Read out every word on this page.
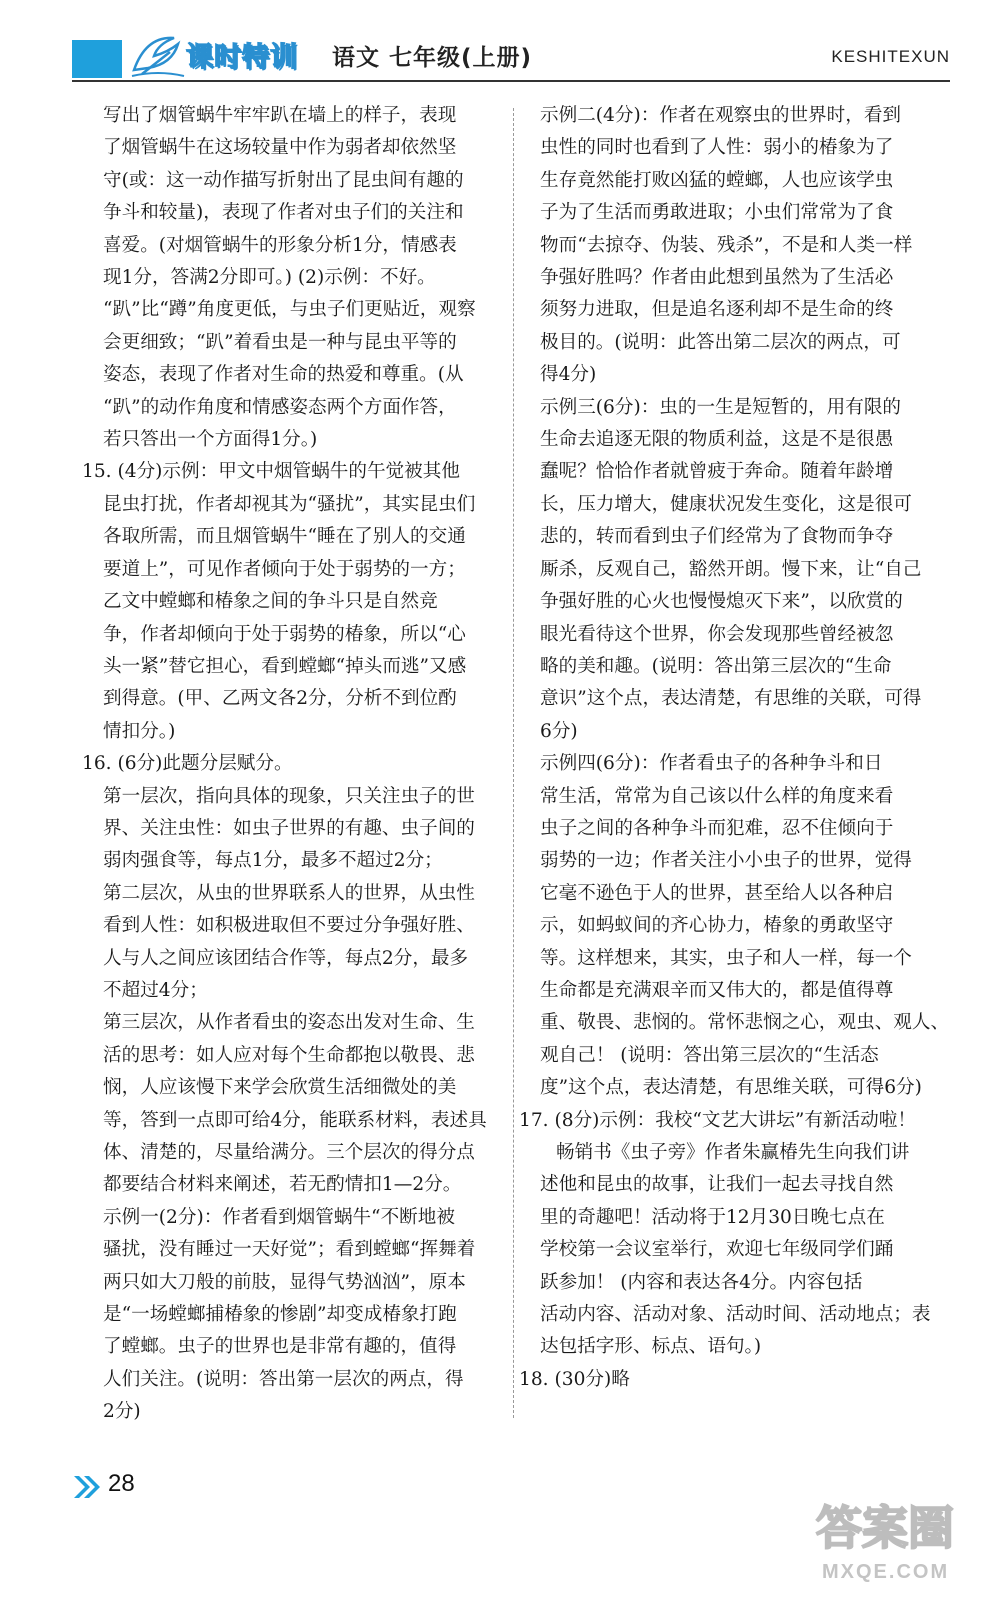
课时特训 语文 七年级(上册)	KESHITEXUN

写出了烟管蜗牛牢牢趴在墙上的样子，表现

了烟管蜗牛在这场较量中作为弱者却依然坚

守(或：这一动作描写折射出了昆虫间有趣的

争斗和较量)，表现了作者对虫子们的关注和

喜爱。(对烟管蜗牛的形象分析1分，情感表

现1分，答满2分即可。) (2)示例：不好。

“趴”比“蹲”角度更低，与虫子们更贴近，观察

会更细致；“趴”着看虫是一种与昆虫平等的

姿态，表现了作者对生命的热爱和尊重。(从

“趴”的动作角度和情感姿态两个方面作答，

若只答出一个方面得1分。)

15. (4分)示例：甲文中烟管蜗牛的午觉被其他

昆虫打扰，作者却视其为“骚扰”，其实昆虫们

各取所需，而且烟管蜗牛“睡在了别人的交通

要道上”，可见作者倾向于处于弱势的一方；

乙文中螳螂和椿象之间的争斗只是自然竞

争，作者却倾向于处于弱势的椿象，所以“心

头一紧”替它担心，看到螳螂“掉头而逃”又感

到得意。(甲、乙两文各2分，分析不到位酌

情扣分。)

16. (6分)此题分层赋分。

第一层次，指向具体的现象，只关注虫子的世

界、关注虫性：如虫子世界的有趣、虫子间的

弱肉强食等，每点1分，最多不超过2分；

第二层次，从虫的世界联系人的世界，从虫性

看到人性：如积极进取但不要过分争强好胜、

人与人之间应该团结合作等，每点2分，最多

不超过4分；

第三层次，从作者看虫的姿态出发对生命、生

活的思考：如人应对每个生命都抱以敬畏、悲

悯，人应该慢下来学会欣赏生活细微处的美

等，答到一点即可给4分，能联系材料，表述具

体、清楚的，尽量给满分。三个层次的得分点

都要结合材料来阐述，若无酌情扣1—2分。

示例一(2分)：作者看到烟管蜗牛“不断地被

骚扰，没有睡过一天好觉”；看到螳螂“挥舞着

两只如大刀般的前肢，显得气势汹汹”，原本

是“一场螳螂捕椿象的惨剧”却变成椿象打跑

了螳螂。虫子的世界也是非常有趣的，值得

人们关注。(说明：答出第一层次的两点，得

2分)

示例二(4分)：作者在观察虫的世界时，看到

虫性的同时也看到了人性：弱小的椿象为了

生存竟然能打败凶猛的螳螂，人也应该学虫

子为了生活而勇敢进取；小虫们常常为了食

物而“去掠夺、伪装、残杀”，不是和人类一样

争强好胜吗？作者由此想到虽然为了生活必

须努力进取，但是追名逐利却不是生命的终

极目的。(说明：此答出第二层次的两点，可

得4分)

示例三(6分)：虫的一生是短暂的，用有限的

生命去追逐无限的物质利益，这是不是很愚

蠢呢？恰恰作者就曾疲于奔命。随着年龄增

长，压力增大，健康状况发生变化，这是很可

悲的，转而看到虫子们经常为了食物而争夺

厮杀，反观自己，豁然开朗。慢下来，让“自己

争强好胜的心火也慢慢熄灭下来”，以欣赏的

眼光看待这个世界，你会发现那些曾经被忽

略的美和趣。(说明：答出第三层次的“生命

意识”这个点，表达清楚，有思维的关联，可得

6分)

示例四(6分)：作者看虫子的各种争斗和日

常生活，常常为自己该以什么样的角度来看

虫子之间的各种争斗而犯难，忍不住倾向于

弱势的一边；作者关注小小虫子的世界，觉得

它毫不逊色于人的世界，甚至给人以各种启

示，如蚂蚁间的齐心协力，椿象的勇敢坚守

等。这样想来，其实，虫子和人一样，每一个

生命都是充满艰辛而又伟大的，都是值得尊

重、敬畏、悲悯的。常怀悲悯之心，观虫、观人、

观自己！ (说明：答出第三层次的“生活态

度”这个点，表达清楚，有思维关联，可得6分)

17. (8分)示例：我校“文艺大讲坛”有新活动啦！

畅销书《虫子旁》作者朱赢椿先生向我们讲

述他和昆虫的故事，让我们一起去寻找自然

里的奇趣吧！活动将于12月30日晚七点在

学校第一会议室举行，欢迎七年级同学们踊

跃参加！ (内容和表达各4分。内容包括

活动内容、活动对象、活动时间、活动地点；表

达包括字形、标点、语句。)

18. (30分)略

28
答案圈
MXQE.COM
